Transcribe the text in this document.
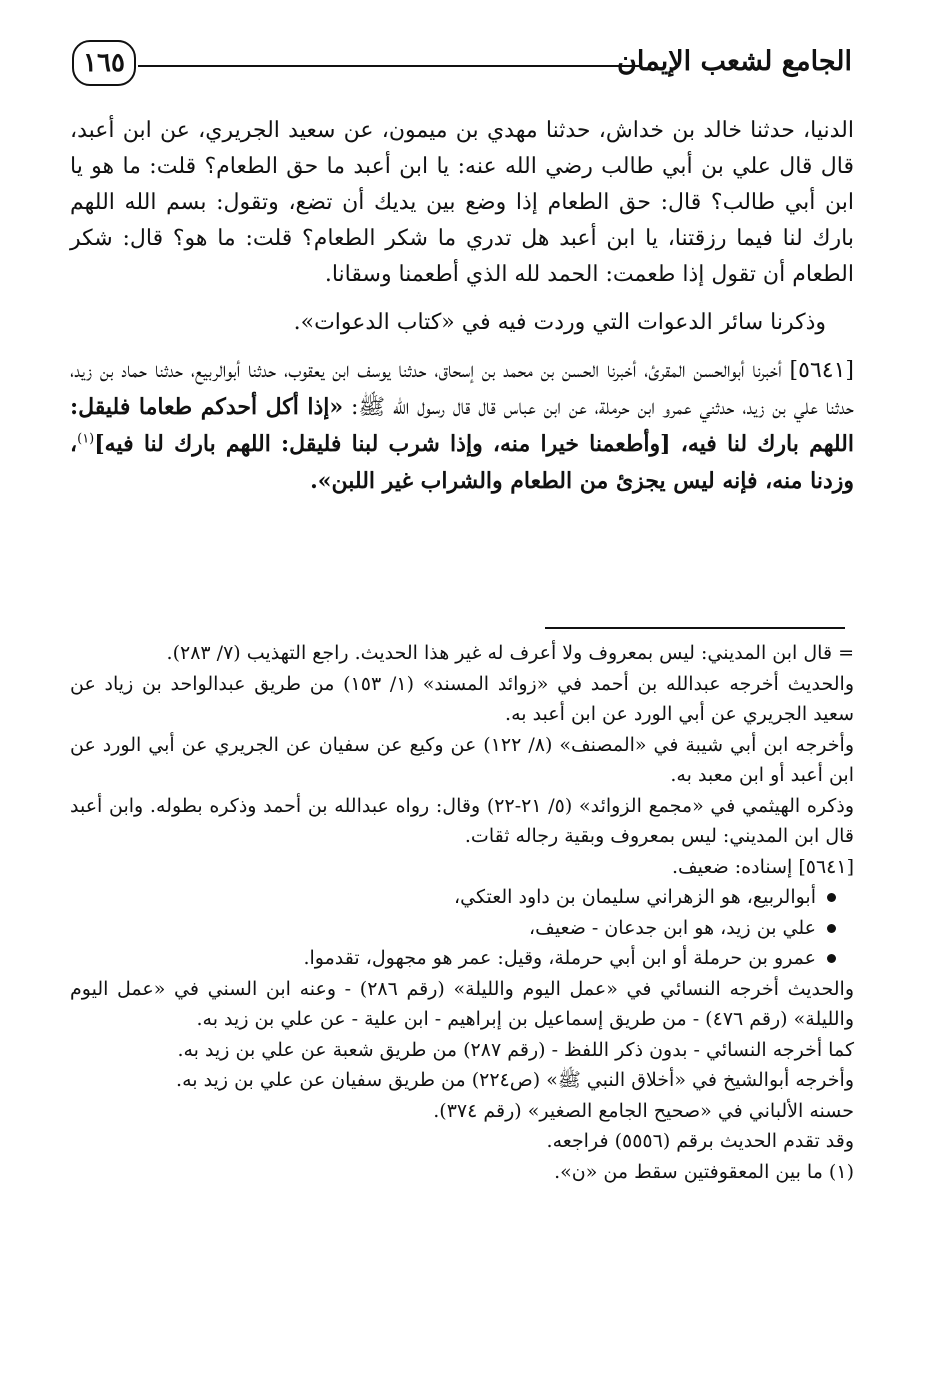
الجامع لشعب الإيمان
١٦٥

الدنيا، حدثنا خالد بن خداش، حدثنا مهدي بن ميمون، عن سعيد الجريري، عن ابن أعبد، قال قال علي بن أبي طالب رضي الله عنه: يا ابن أعبد ما حق الطعام؟ قلت: ما هو يا ابن أبي طالب؟ قال: حق الطعام إذا وضع بين يديك أن تضع، وتقول: بسم الله اللهم بارك لنا فيما رزقتنا، يا ابن أعبد هل تدري ما شكر الطعام؟ قلت: ما هو؟ قال: شكر الطعام أن تقول إذا طعمت: الحمد لله الذي أطعمنا وسقانا.

وذكرنا سائر الدعوات التي وردت فيه في «كتاب الدعوات».

[٥٦٤١] أخبرنا أبوالحسن المقرئ، أخبرنا الحسن بن محمد بن إسحاق، حدثنا يوسف ابن يعقوب، حدثنا أبوالربيع، حدثنا حماد بن زيد، حدثنا علي بن زيد، حدثني عمرو ابن حرملة، عن ابن عباس قال قال رسول الله ﷺ: «إذا أكل أحدكم طعاما فليقل: اللهم بارك لنا فيه، [وأطعمنا خيرا منه، وإذا شرب لبنا فليقل: اللهم بارك لنا فيه]$^{(١)}$، وزدنا منه، فإنه ليس يجزئ من الطعام والشراب غير اللبن».

= قال ابن المديني: ليس بمعروف ولا أعرف له غير هذا الحديث. راجع التهذيب (٧/ ٢٨٣).

والحديث أخرجه عبدالله بن أحمد في «زوائد المسند» (١/ ١٥٣) من طريق عبدالواحد بن زياد عن سعيد الجريري عن أبي الورد عن ابن أعبد به.

وأخرجه ابن أبي شيبة في «المصنف» (٨/ ١٢٢) عن وكيع عن سفيان عن الجريري عن أبي الورد عن ابن أعبد أو ابن معبد به.

وذكره الهيثمي في «مجمع الزوائد» (٥/ ٢١-٢٢) وقال: رواه عبدالله بن أحمد وذكره بطوله. وابن أعبد قال ابن المديني: ليس بمعروف وبقية رجاله ثقات.

[٥٦٤١] إسناده: ضعيف.

أبوالربيع، هو الزهراني سليمان بن داود العتكي،
علي بن زيد، هو ابن جدعان - ضعيف،
عمرو بن حرملة أو ابن أبي حرملة، وقيل: عمر هو مجهول، تقدموا.

والحديث أخرجه النسائي في «عمل اليوم والليلة» (رقم ٢٨٦) - وعنه ابن السني في «عمل اليوم والليلة» (رقم ٤٧٦) - من طريق إسماعيل بن إبراهيم - ابن علية - عن علي بن زيد به.

كما أخرجه النسائي - بدون ذكر اللفظ - (رقم ٢٨٧) من طريق شعبة عن علي بن زيد به.

وأخرجه أبوالشيخ في «أخلاق النبي ﷺ» (ص٢٢٤) من طريق سفيان عن علي بن زيد به.

حسنه الألباني في «صحيح الجامع الصغير» (رقم ٣٧٤).

وقد تقدم الحديث برقم (٥٥٥٦) فراجعه.

(١) ما بين المعقوفتين سقط من «ن».
